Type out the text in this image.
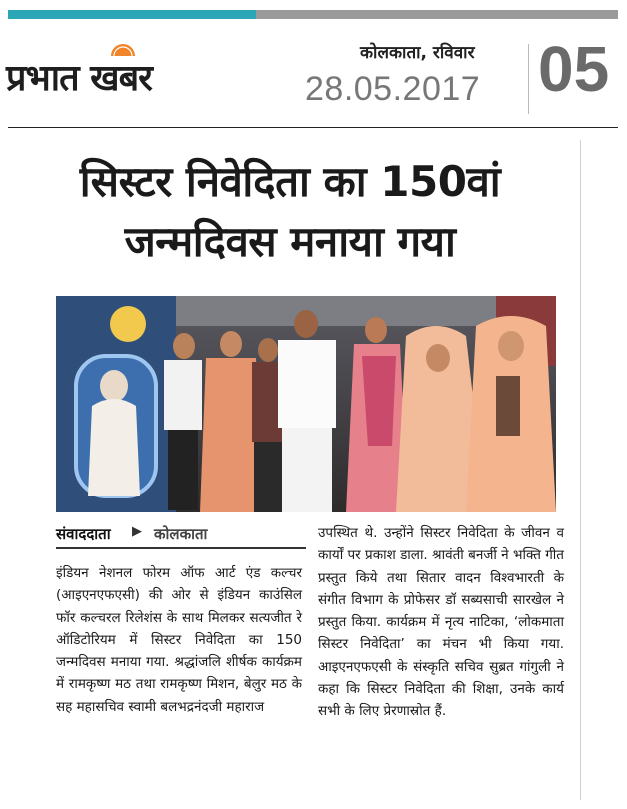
प्रभात खबर
कोलकाता, रविवार
28.05.2017 05
सिस्टर निवेदिता का 150वां
जन्मदिवस मनाया गया
संवाददाता ▶ कोलकाता
इंडियन नेशनल फोरम ऑफ आर्ट एंड कल्चर (आइएनएफएसी) की ओर से इंडियन काउंसिल फॉर कल्चरल रिलेशंस के साथ मिलकर सत्यजीत रे ऑडिटोरियम में सिस्टर निवेदिता का 150 जन्मदिवस मनाया गया. श्रद्धांजलि शीर्षक कार्यक्रम में रामकृष्ण मठ तथा रामकृष्ण मिशन, बेलुर मठ के सह महासचिव स्वामी बलभद्रनंदजी महाराज
उपस्थित थे. उन्होंने सिस्टर निवेदिता के जीवन व कार्यों पर प्रकाश डाला. श्रावंती बनर्जी ने भक्ति गीत प्रस्तुत किये तथा सितार वादन विश्वभारती के संगीत विभाग के प्रोफेसर डॉ सब्यसाची सारखेल ने प्रस्तुत किया. कार्यक्रम में नृत्य नाटिका, ‘लोकमाता सिस्टर निवेदिता’ का मंचन भी किया गया. आइएनएफएसी के संस्कृति सचिव सुब्रत गांगुली ने कहा कि सिस्टर निवेदिता की शिक्षा, उनके कार्य सभी के लिए प्रेरणास्रोत हैं.
